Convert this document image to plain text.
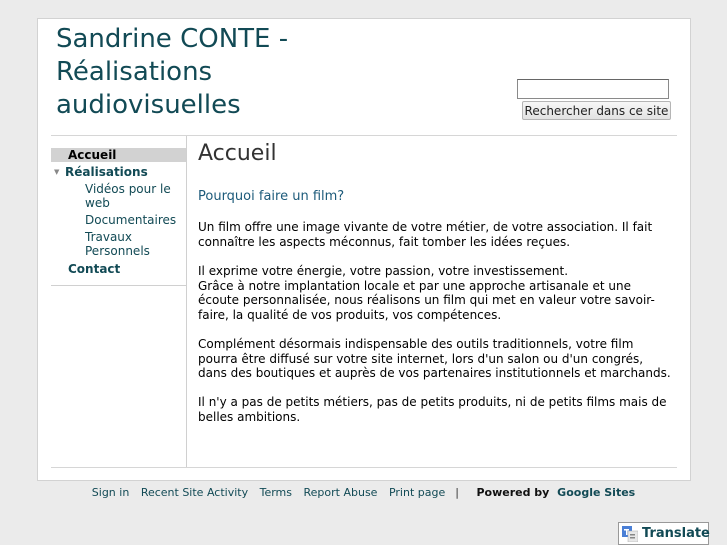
Sandrine CONTE - Réalisations audiovisuelles	Rechercher dans ce site
Accueil
▼ Réalisations
Vidéos pour le web
Documentaires
Travaux Personnels
Contact
Accueil
Pourquoi faire un film?

Un film offre une image vivante de votre métier, de votre association. Il fait connaître les aspects méconnus, fait tomber les idées reçues.

Il exprime votre énergie, votre passion, votre investissement.
Grâce à notre implantation locale et par une approche artisanale et une écoute personnalisée, nous réalisons un film qui met en valeur votre savoir-faire, la qualité de vos produits, vos compétences.

Complément désormais indispensable des outils traditionnels, votre film pourra être diffusé sur votre site internet, lors d'un salon ou d'un congrés, dans des boutiques et auprès de vos partenaires institutionnels et marchands.

Il n'y a pas de petits métiers, pas de petits produits, ni de petits films mais de belles ambitions.

Sign in Recent Site Activity Terms Report Abuse Print page | Powered by Google Sites
Translate
